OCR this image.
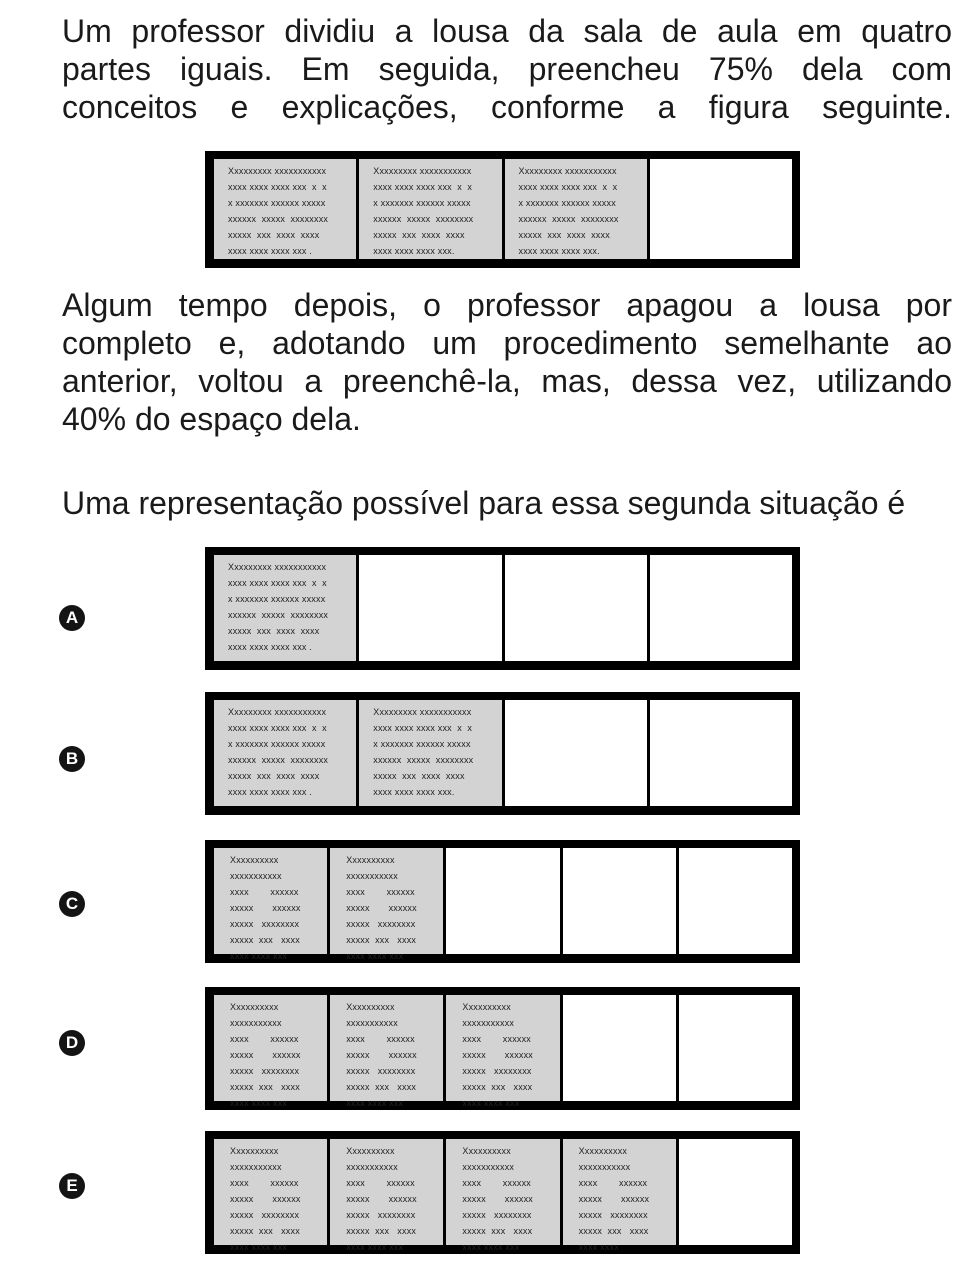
Um professor dividiu a lousa da sala de aula em quatro
partes iguais. Em seguida, preencheu 75% dela com
conceitos e explicações, conforme a figura seguinte.

Xxxxxxxxx xxxxxxxxxxx
xxxx xxxx xxxx xxx  x  x
x xxxxxxx xxxxxx xxxxx
xxxxxx  xxxxx  xxxxxxxx
xxxxx  xxx  xxxx  xxxx
xxxx xxxx xxxx xxx .
Xxxxxxxxx xxxxxxxxxxx
xxxx xxxx xxxx xxx  x  x
x xxxxxxx xxxxxx xxxxx
xxxxxx  xxxxx  xxxxxxxx
xxxxx  xxx  xxxx  xxxx
xxxx xxxx xxxx xxx.
Xxxxxxxxx xxxxxxxxxxx
xxxx xxxx xxxx xxx  x  x
x xxxxxxx xxxxxx xxxxx
xxxxxx  xxxxx  xxxxxxxx
xxxxx  xxx  xxxx  xxxx
xxxx xxxx xxxx xxx.

Algum tempo depois, o professor apagou a lousa por
completo e, adotando um procedimento semelhante ao
anterior, voltou a preenchê-la, mas, dessa vez, utilizando
40% do espaço dela.

Uma representação possível para essa segunda situação é

A
Xxxxxxxxx xxxxxxxxxxx
xxxx xxxx xxxx xxx  x  x
x xxxxxxx xxxxxx xxxxx
xxxxxx  xxxxx  xxxxxxxx
xxxxx  xxx  xxxx  xxxx
xxxx xxxx xxxx xxx .
B
Xxxxxxxxx xxxxxxxxxxx
xxxx xxxx xxxx xxx  x  x
x xxxxxxx xxxxxx xxxxx
xxxxxx  xxxxx  xxxxxxxx
xxxxx  xxx  xxxx  xxxx
xxxx xxxx xxxx xxx .
Xxxxxxxxx xxxxxxxxxxx
xxxx xxxx xxxx xxx  x  x
x xxxxxxx xxxxxx xxxxx
xxxxxx  xxxxx  xxxxxxxx
xxxxx  xxx  xxxx  xxxx
xxxx xxxx xxxx xxx.
C
Xxxxxxxxxx
xxxxxxxxxxx
xxxx        xxxxxx
xxxxx       xxxxxx
xxxxx   xxxxxxxx
xxxxx  xxx   xxxx
xxxx xxxx xxx
Xxxxxxxxxx
xxxxxxxxxxx
xxxx        xxxxxx
xxxxx       xxxxxx
xxxxx   xxxxxxxx
xxxxx  xxx   xxxx
xxxx xxxx xxx
D
Xxxxxxxxxx
xxxxxxxxxxx
xxxx        xxxxxx
xxxxx       xxxxxx
xxxxx   xxxxxxxx
xxxxx  xxx   xxxx
xxxx xxxx xxx
Xxxxxxxxxx
xxxxxxxxxxx
xxxx        xxxxxx
xxxxx       xxxxxx
xxxxx   xxxxxxxx
xxxxx  xxx   xxxx
xxxx xxxx xxx
Xxxxxxxxxx
xxxxxxxxxxx
xxxx        xxxxxx
xxxxx       xxxxxx
xxxxx   xxxxxxxx
xxxxx  xxx   xxxx
xxxx xxxx xxx
E
Xxxxxxxxxx
xxxxxxxxxxx
xxxx        xxxxxx
xxxxx       xxxxxx
xxxxx   xxxxxxxx
xxxxx  xxx   xxxx
xxxx xxxx xxx
Xxxxxxxxxx
xxxxxxxxxxx
xxxx        xxxxxx
xxxxx       xxxxxx
xxxxx   xxxxxxxx
xxxxx  xxx   xxxx
xxxx xxxx xxx
Xxxxxxxxxx
xxxxxxxxxxx
xxxx        xxxxxx
xxxxx       xxxxxx
xxxxx   xxxxxxxx
xxxxx  xxx   xxxx
xxxx xxxx xxx
Xxxxxxxxxx
xxxxxxxxxxx
xxxx        xxxxxx
xxxxx       xxxxxx
xxxxx   xxxxxxxx
xxxxx  xxx   xxxx
xxxx xxxx
